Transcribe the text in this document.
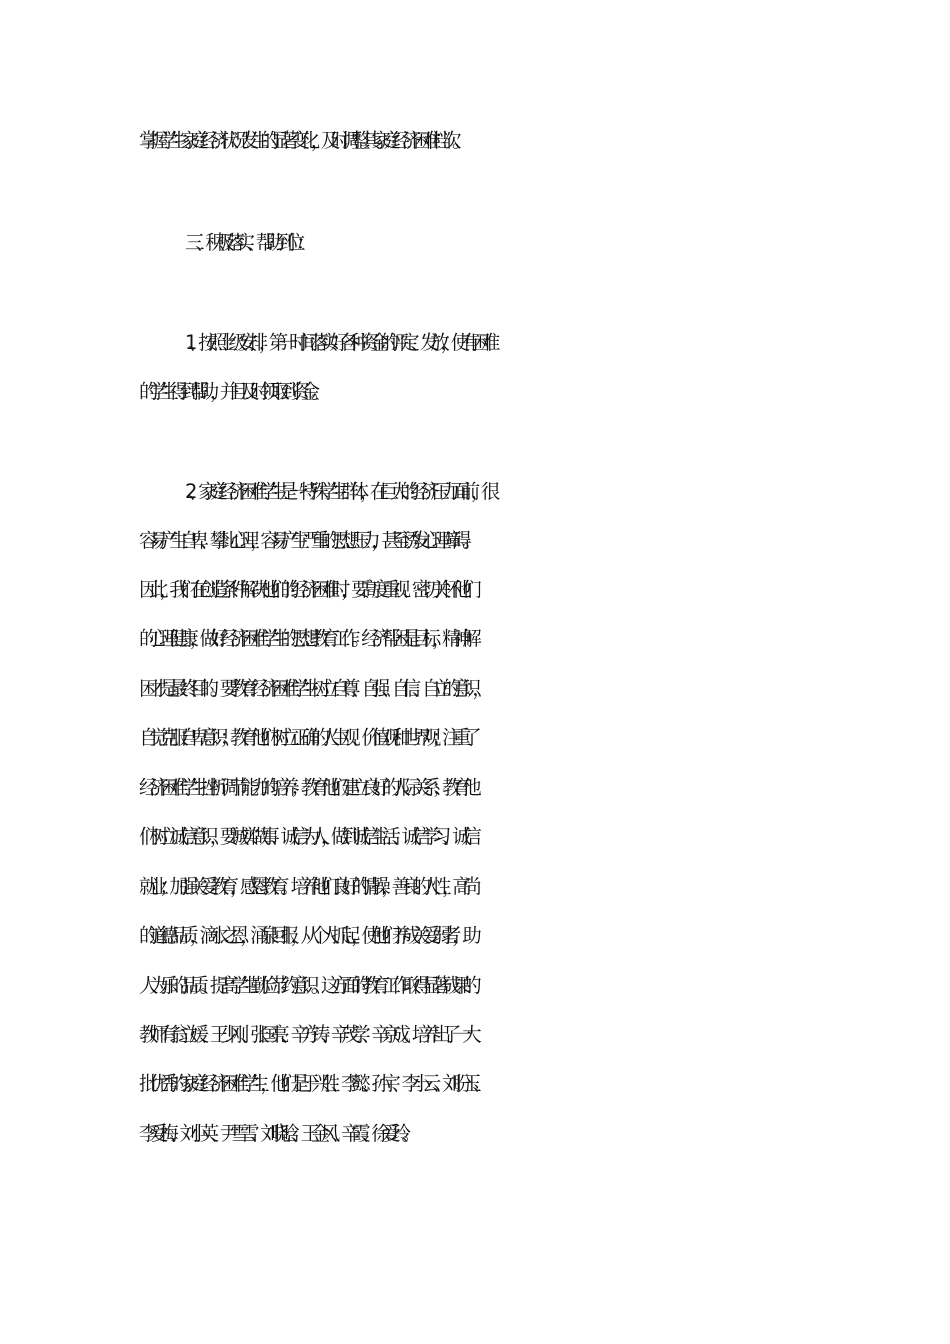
掌握学生家庭经济状况发生的显著变化，及时调整其家庭经济困难档次。
三、积极落实、帮助到位：
1、按照上级安排，第一时间落实好各种资金的评定、发放，使有困难
的学生得到帮助，并且及时领取到资金。
2、家庭经济困难学生是一特殊学生群体，在巨大的经济压力面前，很
容易产生自卑、攀比心理，容易产生严重的思想压力，甚至诱发心理障碍。
因此，我们在创造条件解决他们的经济困难时，要高度重视、密切关怀他们
的心理健康，做好经济困难学生的思想教育工作。经济帮困是目标，精神解
困才是最终目的。要教育经济困难学生树立自尊、自强、自信、自立的意识，
自觉克服自卑意识；教育他们树立正确的人生观、价值观和世界观；注重了
经济困难学生挫折调节能力的培养；教育他们建立良好的人际关系；教育他
们树立诚信意识，要诚实做事、诚信为人，做到诚信生活、诚信学习、诚信
就业；加强关爱教育，感恩教育。培养他们良好的情操，善良的人性，高尚
的道德品质，滴水之恩，涌泉回报，从个人抓起，使他们养成关爱弱者，助
人为乐的品质。提高学生勤俭节约意识。这方面的教育工作取得显著成果的
教师有翁立媛、王少刚、张国亮、辛方铸、辛茂学、辛京成。培养出了一大
批优秀的家庭经济困难学生，他们是于兴胜、李懿、孙宇、李小云、刘盼玉、
李爱梅、刘小英、尹雪雪、刘晓晗、王金风、辛霞、徐爱玲。
